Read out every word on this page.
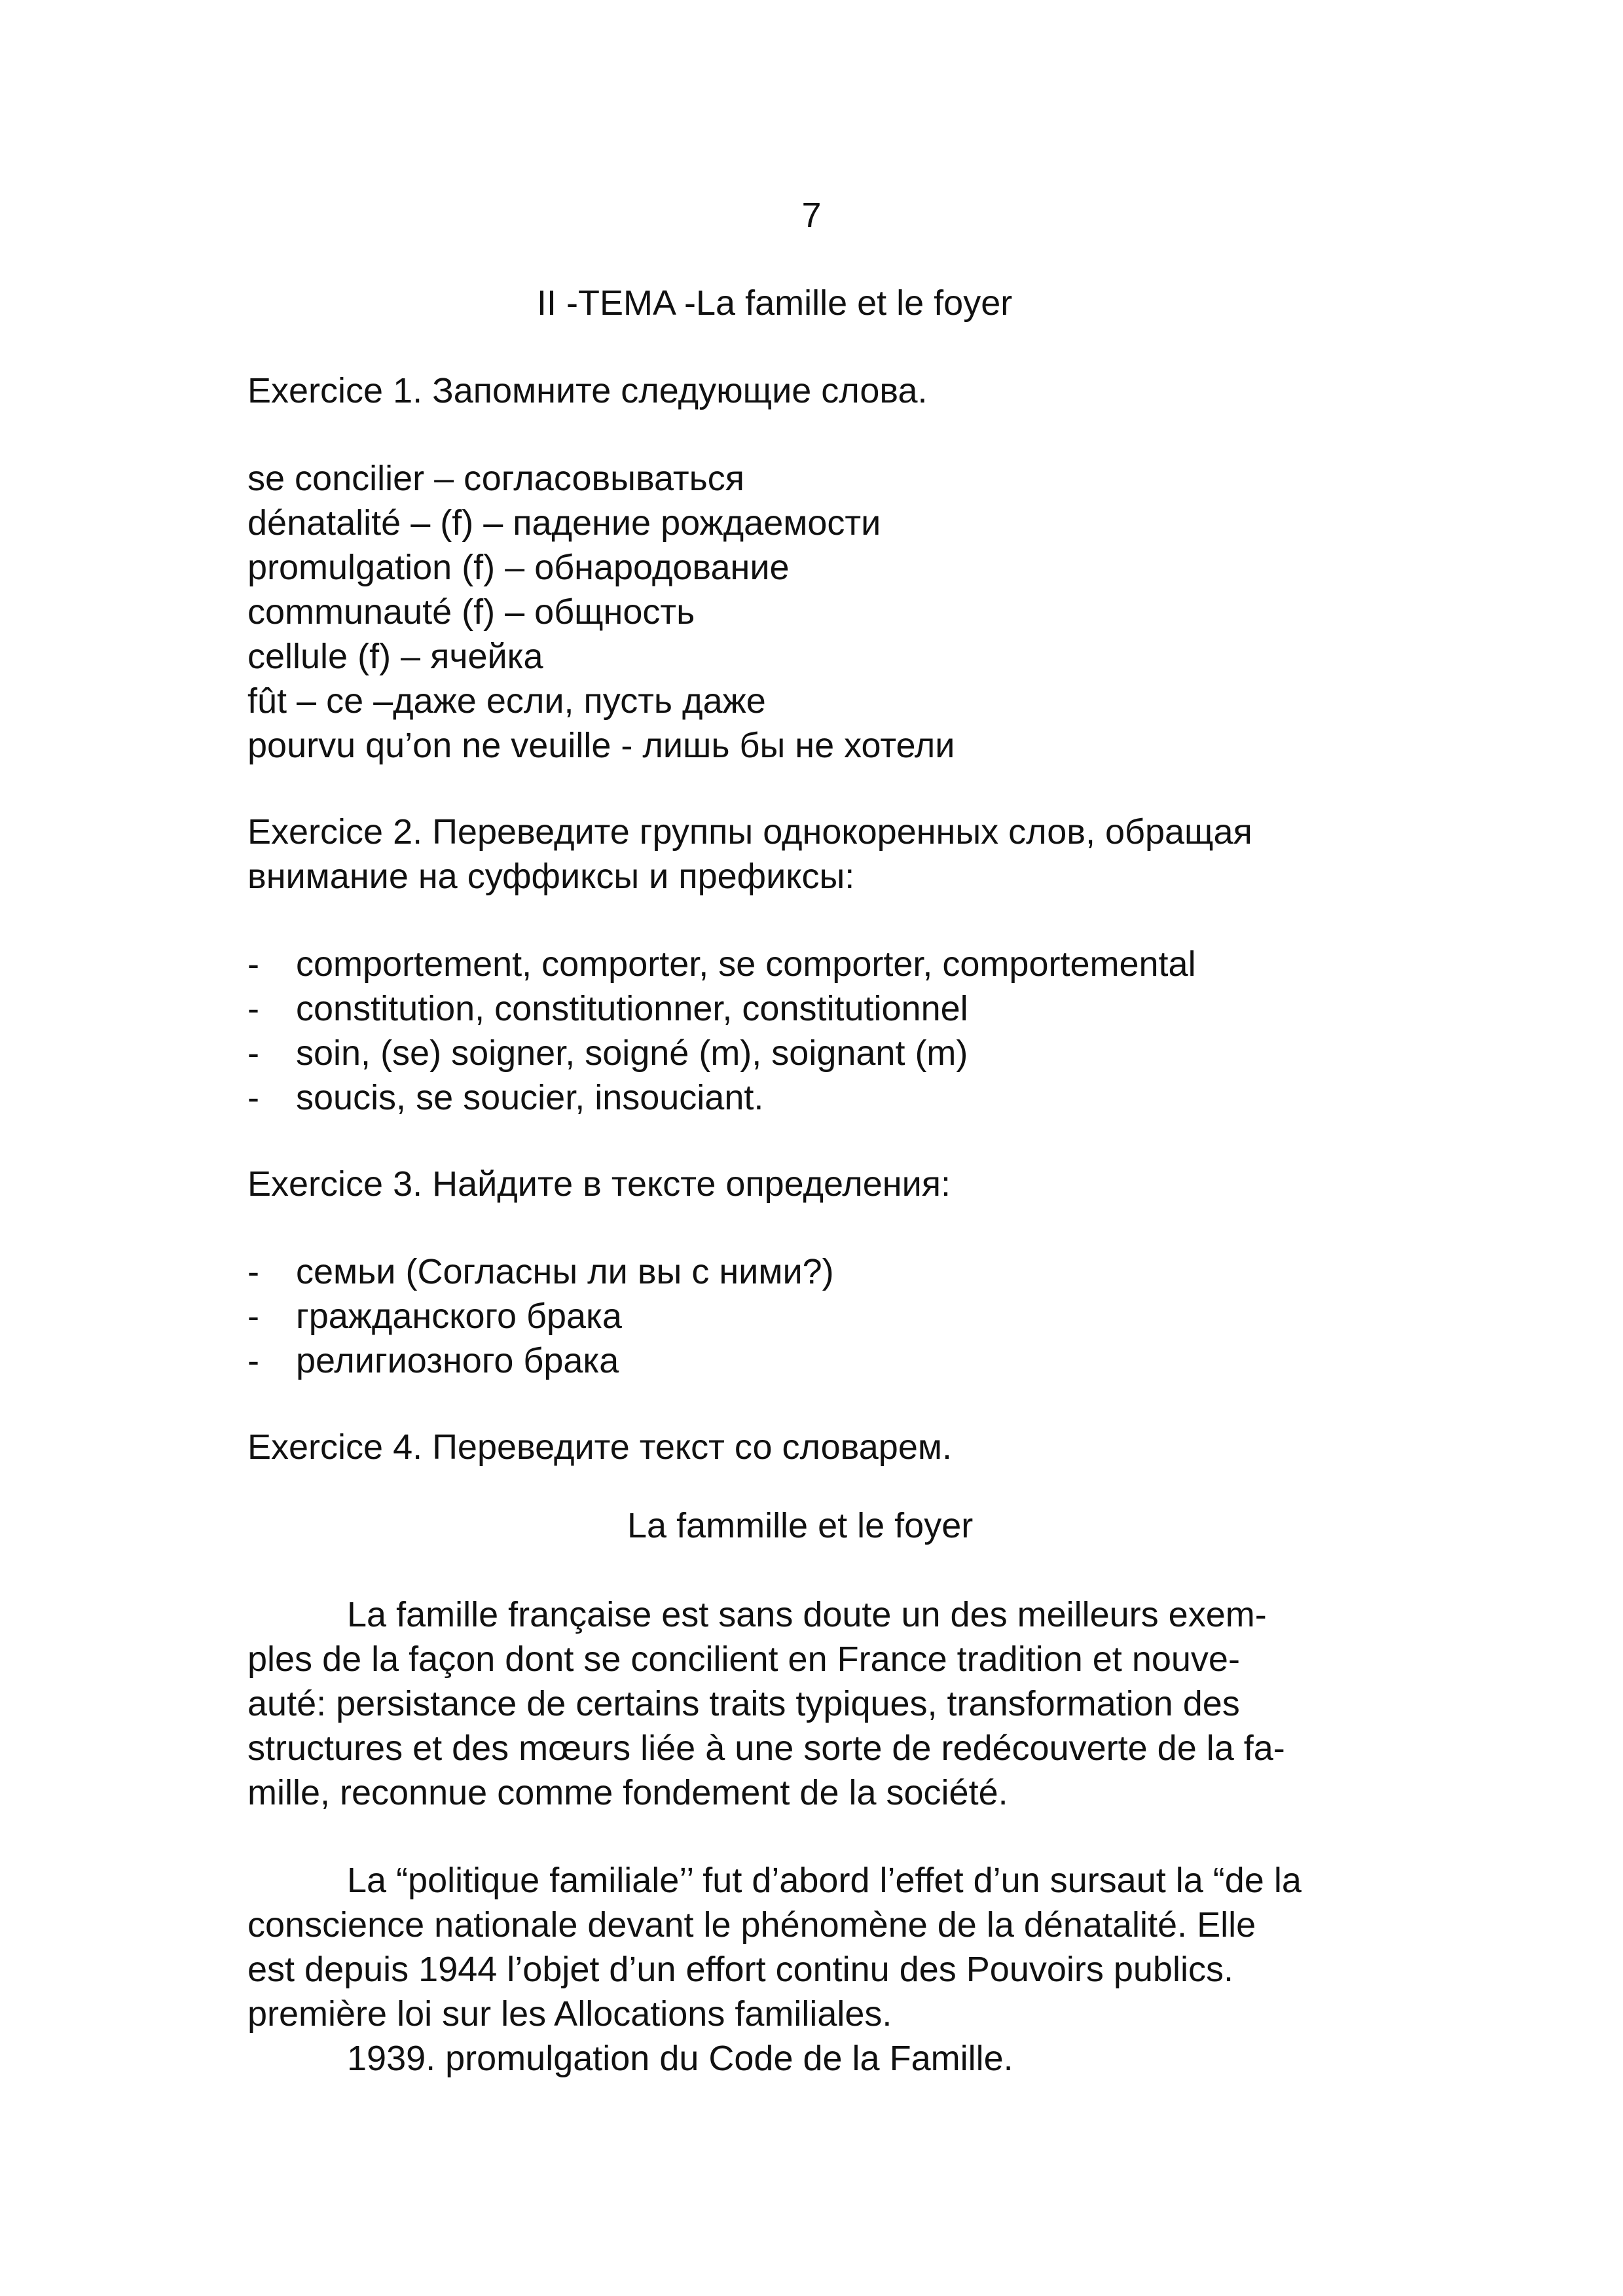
7
II -TEMA -La famille et le foyer
Exercice 1. Запомните следующие слова.
se concilier – согласовываться
dénatalité – (f) – падение рождаемости
promulgation (f) – обнародование
communauté (f) – общность
cellule (f) – ячейка
fût – ce –даже если, пусть даже
pourvu qu’on ne veuille - лишь бы не хотели
Exercice 2. Переведите группы однокоренных слов, обращая
внимание на суффиксы и префиксы:
- comportement, comporter, se comporter, comportemental
- constitution, constitutionner, constitutionnel
- soin, (se) soigner, soigné (m), soignant (m)
- soucis, se soucier, insouciant.
Exercice 3. Найдите в тексте определения:
- семьи (Согласны ли вы с ними?)
- гражданского брака
- религиозного брака
Exercice 4. Переведите текст со словарем.
La fammille et le foyer
La famille française est sans doute un des meilleurs exem-
ples de la façon dont se concilient en France tradition et nouve-
auté: persistance de certains traits typiques, transformation des
structures et des mœurs liée à une sorte de redécouverte de la fa-
mille, reconnue comme fondement de la société.
La “politique familiale’’ fut d’abord l’effet d’un sursaut la “de la
conscience nationale devant le phénomène de la dénatalité. Elle
est depuis 1944 l’objet d’un effort continu des Pouvoirs publics.
première loi sur les Allocations familiales.
1939. promulgation du Code de la Famille.
